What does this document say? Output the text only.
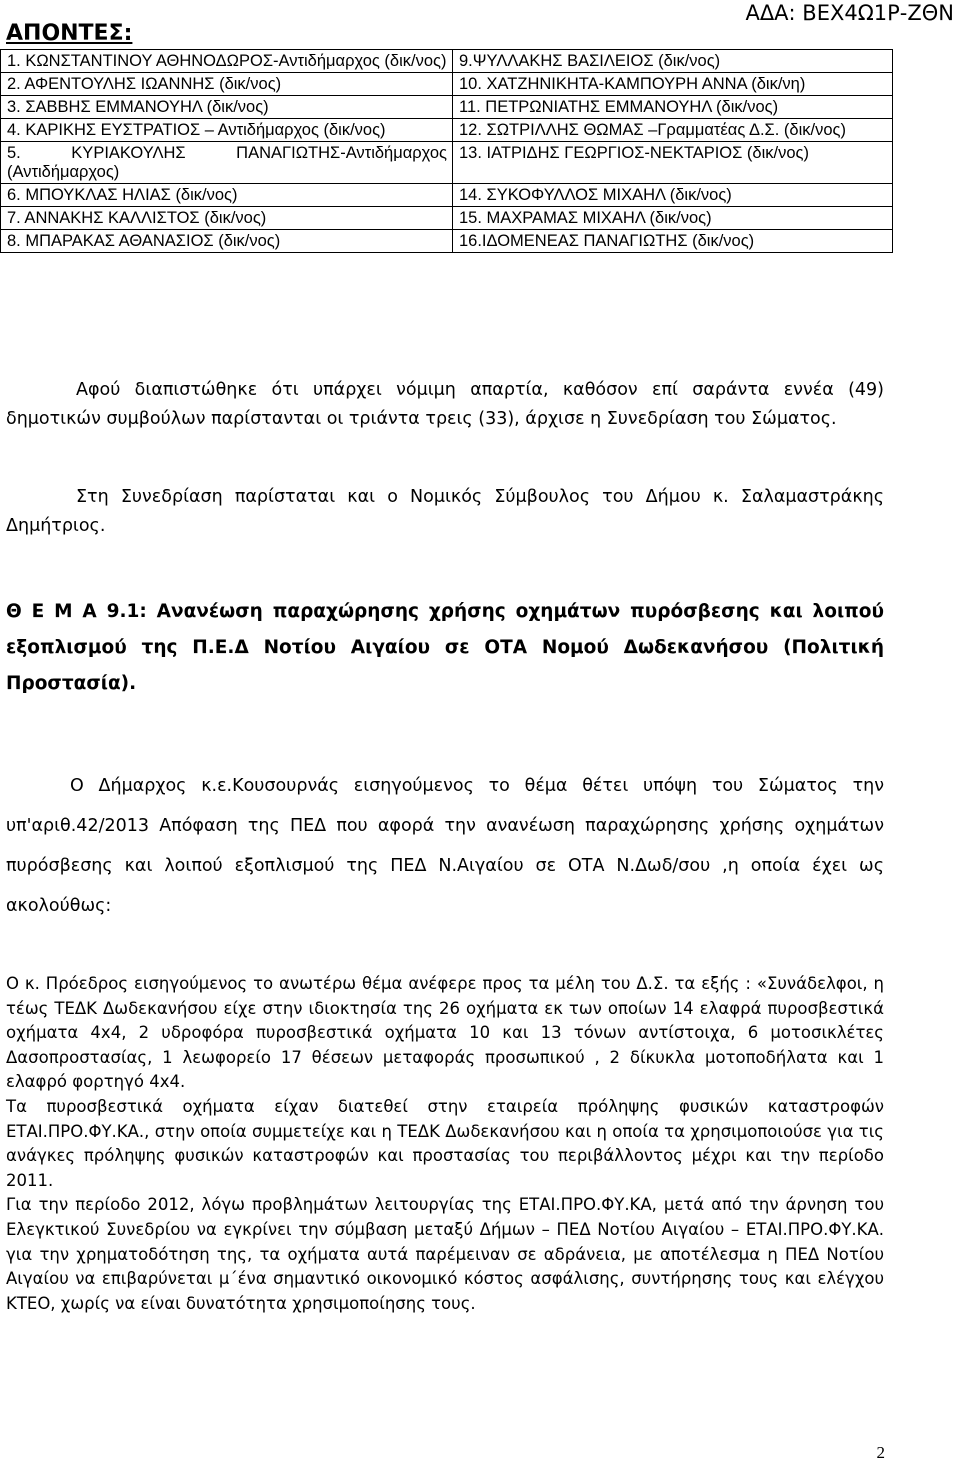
ΑΔΑ: ΒΕΧ4Ω1Ρ-ΖΘΝ
ΑΠΟΝΤΕΣ:
1. ΚΩΝΣΤΑΝΤΙΝΟΥ ΑΘΗΝΟΔΩΡΟΣ-Αντιδήμαρχος (δικ/νος)	9.ΨΥΛΛΑΚΗΣ ΒΑΣΙΛΕΙΟΣ (δικ/νος)
2. ΑΦΕΝΤΟΥΛΗΣ ΙΩΑΝΝΗΣ (δικ/νος)	10. ΧΑΤΖΗΝΙΚΗΤΑ-ΚΑΜΠΟΥΡΗ ΑΝΝΑ (δικ/νη)
3. ΣΑΒΒΗΣ ΕΜΜΑΝΟΥΗΛ (δικ/νος)	11. ΠΕΤΡΩΝΙΑΤΗΣ ΕΜΜΑΝΟΥΗΛ (δικ/νος)
4. ΚΑΡΙΚΗΣ ΕΥΣΤΡΑΤΙΟΣ – Αντιδήμαρχος (δικ/νος)	12. ΣΩΤΡΙΛΛΗΣ ΘΩΜΑΣ –Γραμματέας Δ.Σ. (δικ/νος)
5. ΚΥΡΙΑΚΟΥΛΗΣ ΠΑΝΑΓΙΩΤΗΣ-Αντιδήμαρχος (Αντιδήμαρχος)	13. ΙΑΤΡΙΔΗΣ ΓΕΩΡΓΙΟΣ-ΝΕΚΤΑΡΙΟΣ (δικ/νος)
6. ΜΠΟΥΚΛΑΣ ΗΛΙΑΣ (δικ/νος)	14. ΣΥΚΟΦΥΛΛΟΣ ΜΙΧΑΗΛ (δικ/νος)
7. ΑΝΝΑΚΗΣ ΚΑΛΛΙΣΤΟΣ (δικ/νος)	15. ΜΑΧΡΑΜΑΣ ΜΙΧΑΗΛ (δικ/νος)
8. ΜΠΑΡΑΚΑΣ ΑΘΑΝΑΣΙΟΣ (δικ/νος)	16.ΙΔΟΜΕΝΕΑΣ ΠΑΝΑΓΙΩΤΗΣ (δικ/νος)
Αφού διαπιστώθηκε ότι υπάρχει νόμιμη απαρτία, καθόσον επί σαράντα εννέα (49) δημοτικών συμβούλων παρίστανται οι τριάντα τρεις (33), άρχισε η Συνεδρίαση του Σώματος.
Στη Συνεδρίαση παρίσταται και ο Νομικός Σύμβουλος του Δήμου κ. Σαλαμαστράκης Δημήτριος.
Θ Ε Μ Α 9.1: Ανανέωση παραχώρησης χρήσης οχημάτων πυρόσβεσης και λοιπού εξοπλισμού της Π.Ε.Δ Νοτίου Αιγαίου σε ΟΤΑ Νομού Δωδεκανήσου (Πολιτική Προστασία).
Ο Δήμαρχος κ.ε.Κουσουρνάς εισηγούμενος το θέμα θέτει υπόψη του Σώματος την υπ'αριθ.42/2013 Απόφαση της ΠΕΔ που αφορά την ανανέωση παραχώρησης χρήσης οχημάτων πυρόσβεσης και λοιπού εξοπλισμού της ΠΕΔ Ν.Αιγαίου σε ΟΤΑ Ν.Δωδ/σου ,η οποία έχει ως ακολούθως:
Ο κ. Πρόεδρος εισηγούμενος το ανωτέρω θέμα ανέφερε προς τα μέλη του Δ.Σ. τα εξής : «Συνάδελφοι, η τέως ΤΕΔΚ Δωδεκανήσου είχε στην ιδιοκτησία της 26 οχήματα εκ των οποίων 14 ελαφρά πυροσβεστικά οχήματα 4x4, 2 υδροφόρα πυροσβεστικά οχήματα 10 και 13 τόνων αντίστοιχα, 6 μοτοσικλέτες Δασοπροστασίας, 1 λεωφορείο 17 θέσεων μεταφοράς προσωπικού , 2 δίκυκλα μοτοποδήλατα και 1 ελαφρό φορτηγό 4x4.
Τα πυροσβεστικά οχήματα είχαν διατεθεί στην εταιρεία πρόληψης φυσικών καταστροφών ΕΤΑΙ.ΠΡΟ.ΦΥ.ΚΑ., στην οποία συμμετείχε και η ΤΕΔΚ Δωδεκανήσου και η οποία τα χρησιμοποιούσε για τις ανάγκες πρόληψης φυσικών καταστροφών και προστασίας του περιβάλλοντος μέχρι και την περίοδο 2011.
Για την περίοδο 2012, λόγω προβλημάτων λειτουργίας της ΕΤΑΙ.ΠΡΟ.ΦΥ.ΚΑ, μετά από την άρνηση του Ελεγκτικού Συνεδρίου να εγκρίνει την σύμβαση μεταξύ Δήμων – ΠΕΔ Νοτίου Αιγαίου – ΕΤΑΙ.ΠΡΟ.ΦΥ.ΚΑ. για την χρηματοδότηση της, τα οχήματα αυτά παρέμειναν σε αδράνεια, με αποτέλεσμα η ΠΕΔ Νοτίου Αιγαίου να επιβαρύνεται μ΄ένα σημαντικό οικονομικό κόστος ασφάλισης, συντήρησης τους και ελέγχου ΚΤΕΟ, χωρίς να είναι δυνατότητα χρησιμοποίησης τους.
2
